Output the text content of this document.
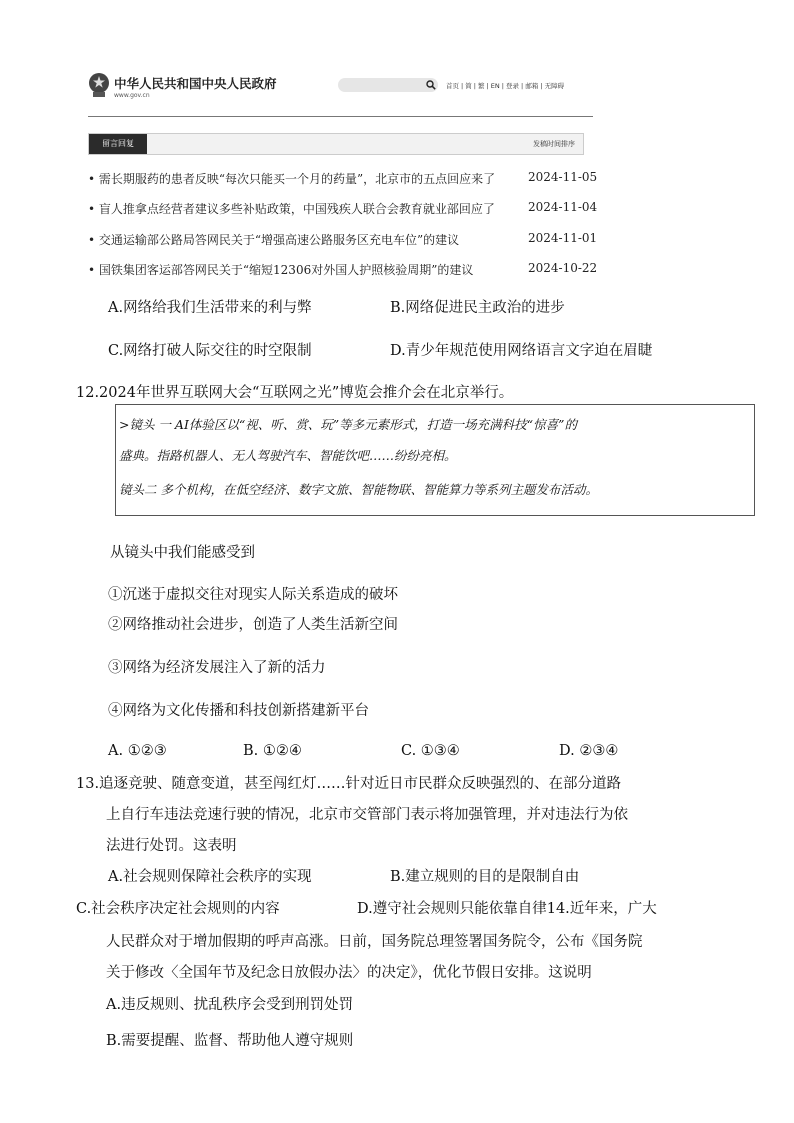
中华人民共和国中央人民政府
www.gov.cn
首页 | 简 | 繁 | EN | 登录 | 邮箱 | 无障碍
留言回复	发稿时间排序
• 需长期服药的患者反映“每次只能买一个月的药量”，北京市的五点回应来了	2024-11-05
• 盲人推拿点经营者建议多些补贴政策，中国残疾人联合会教育就业部回应了	2024-11-04
• 交通运输部公路局答网民关于“增强高速公路服务区充电车位”的建议	2024-11-01
• 国铁集团客运部答网民关于“缩短12306对外国人护照核验周期”的建议	2024-10-22
A.网络给我们生活带来的利与弊	B.网络促进民主政治的进步
C.网络打破人际交往的时空限制	D.青少年规范使用网络语言文字迫在眉睫
12.2024年世界互联网大会“互联网之光”博览会推介会在北京举行。
>镜头 一 AI体验区以“视、听、赏、玩”等多元素形式，打造一场充满科技“惊喜”的
盛典。指路机器人、无人驾驶汽车、智能饮吧……纷纷亮相。
镜头二 多个机构，在低空经济、数字文旅、智能物联、智能算力等系列主题发布活动。
从镜头中我们能感受到
①沉迷于虚拟交往对现实人际关系造成的破坏
②网络推动社会进步，创造了人类生活新空间
③网络为经济发展注入了新的活力
④网络为文化传播和科技创新搭建新平台
A. ①②③	B. ①②④	C. ①③④	D. ②③④
13.追逐竞驶、随意变道，甚至闯红灯……针对近日市民群众反映强烈的、在部分道路
上自行车违法竞速行驶的情况，北京市交管部门表示将加强管理，并对违法行为依
法进行处罚。这表明
A.社会规则保障社会秩序的实现	B.建立规则的目的是限制自由
C.社会秩序决定社会规则的内容	D.遵守社会规则只能依靠自律14.近年来，广大
人民群众对于增加假期的呼声高涨。日前，国务院总理签署国务院令，公布《国务院
关于修改〈全国年节及纪念日放假办法〉的决定》，优化节假日安排。这说明
A.违反规则、扰乱秩序会受到刑罚处罚
B.需要提醒、监督、帮助他人遵守规则
